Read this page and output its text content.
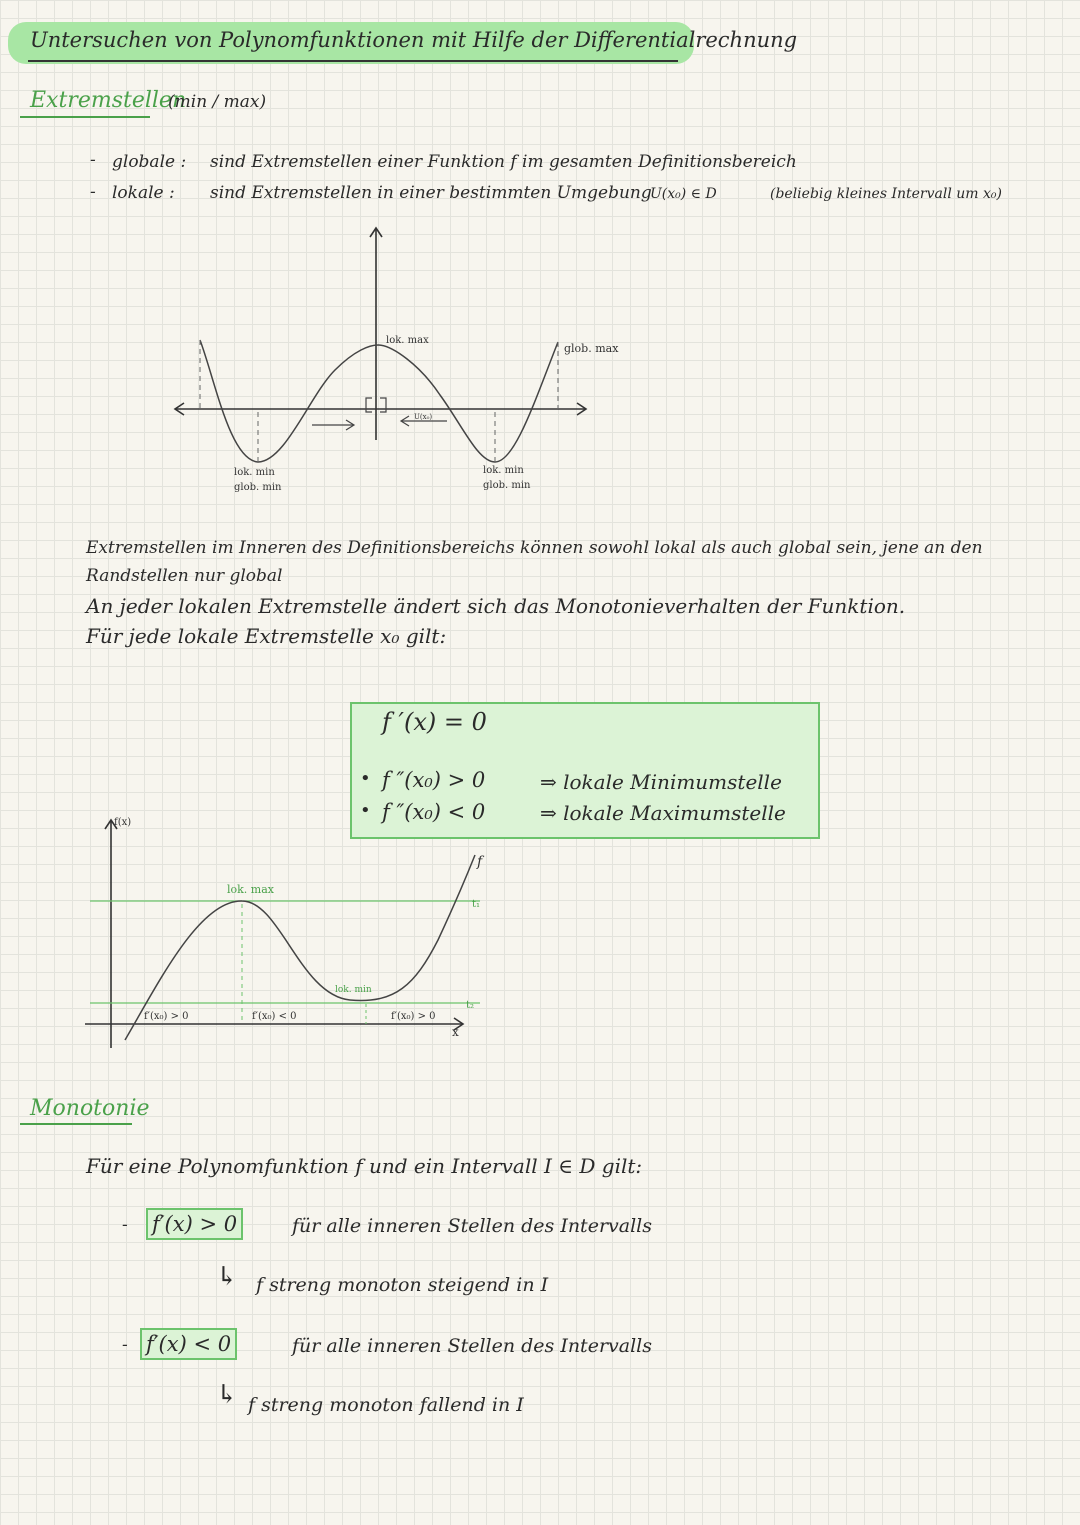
Untersuchen von Polynomfunktionen mit Hilfe der Differentialrechnung
Extremstellen
(min / max)
- globale : sind Extremstellen einer Funktion f im gesamten Definitionsbereich
- lokale : sind Extremstellen in einer bestimmten Umgebung
U(x₀) ∈ D	(beliebig kleines Intervall um x₀)
lok. max
glob. max
U(x₀)
lok. min
glob. min
lok. min
glob. min
Extremstellen im Inneren des Definitionsbereichs können sowohl lokal als auch global sein, jene an den
Randstellen nur global
An jeder lokalen Extremstelle ändert sich das Monotonieverhalten der Funktion.
Für jede lokale Extremstelle x₀ gilt:
f ′(x) = 0
• f ″(x₀) > 0	⇒ lokale Minimumstelle
• f ″(x₀) < 0	⇒ lokale Maximumstelle
f(x)
f
lok. max
lok. min
t₁
t₂
x
f′(x₀) > 0	f′(x₀) < 0	f′(x₀) > 0
Monotonie
Für eine Polynomfunktion f und ein Intervall I ∈ D gilt:
- f′(x) > 0	für alle inneren Stellen des Intervalls
↳ f streng monoton steigend in I
- f′(x) < 0	für alle inneren Stellen des Intervalls
↳ f streng monoton fallend in I
